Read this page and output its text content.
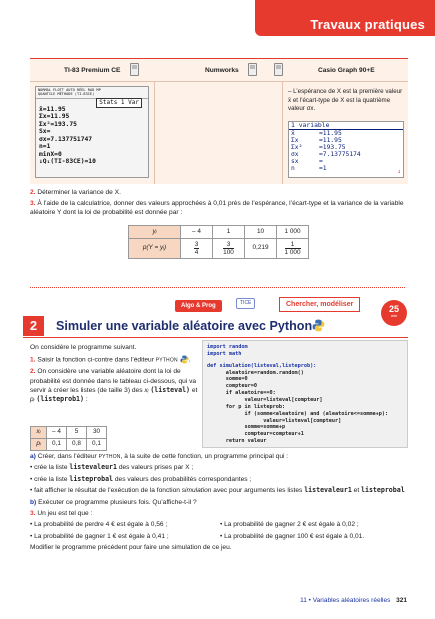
Travaux pratiques
TI-83 Premium CE	Numworks	Casio Graph 90+E
NORMAL FLOTT AUTO RÉEL RAD MP
QUANTILE MÉTHODE (TI-83CE)
Stats 1 Var
x̄=11.95
Σx=11.95
Σx²=193.75
Sx=
σx=7.137751747
n=1
minX=0
↓Q₁(TI-83CE)=10
– L’espérance de X est la première valeur x̄ et l’écart-type de X est la quatrième valeur σx.
1 variable
x̄	=11.95
Σx	=11.95
Σx²	=193.75
σx	=7.13775174
sx	=
n	=1	↓
2. Déterminer la variance de X.
3. À l’aide de la calculatrice, donner des valeurs approchées à 0,01 près de l’espérance, l’écart-type et la variance de la variable aléatoire Y dont la loi de probabilité est donnée par :
yᵢ	– 4	1	10	1 000
p(Y = yᵢ)	$\frac{3}{4}$	$\frac{3}{100}$	0,219	$\frac{1}{1 000}$
Algo & Prog	TICE	Chercher, modéliser	25
min
2	Simuler une variable aléatoire avec Python

On considère le programme suivant.

1. Saisir la fonction ci-contre dans l’éditeur PYTHON .

2. On considère une variable aléatoire dont la loi de probabilité est donnée dans le tableau ci-dessous, qui va servir à créer les listes (de taille 3) des xᵢ (listeval) et pᵢ (listeprob1) :

xᵢ	– 4	5	30
pᵢ	0,1	0,8	0,1
import random
import math
def simulation(listeval,listeprob):
aleatoire=random.random()
somme=0
compteur=0
if aleatoire==0:
valeur=listeval[compteur]
for p in listeprob:
if (somme<aleatoire) and (aleatoire<=somme+p):
valeur=listeval[compteur]
somme=somme+p
compteur=compteur+1
return valeur

a) Créer, dans l’éditeur PYTHON, à la suite de cette fonction, un programme principal qui :

• crée la liste listevaleur1 des valeurs prises par X ;

• crée la liste listeprobal des valeurs des probabilités correspondantes ;

• fait afficher le résultat de l’exécution de la fonction simulation avec pour arguments les listes listevaleur1 et listeprobal

b) Exécuter ce programme plusieurs fois. Qu’affiche-t-il ?

3. Un jeu est tel que :

• La probabilité de perdre 4 € est égale à 0,56 ;	• La probabilité de gagner 2 € est égale à 0,02 ;

• La probabilité de gagner 1 € est égale à 0,41 ;	• La probabilité de gagner 100 € est égale à 0,01.

Modifier le programme précédent pour faire une simulation de ce jeu.

11 • Variables aléatoires réelles 321
